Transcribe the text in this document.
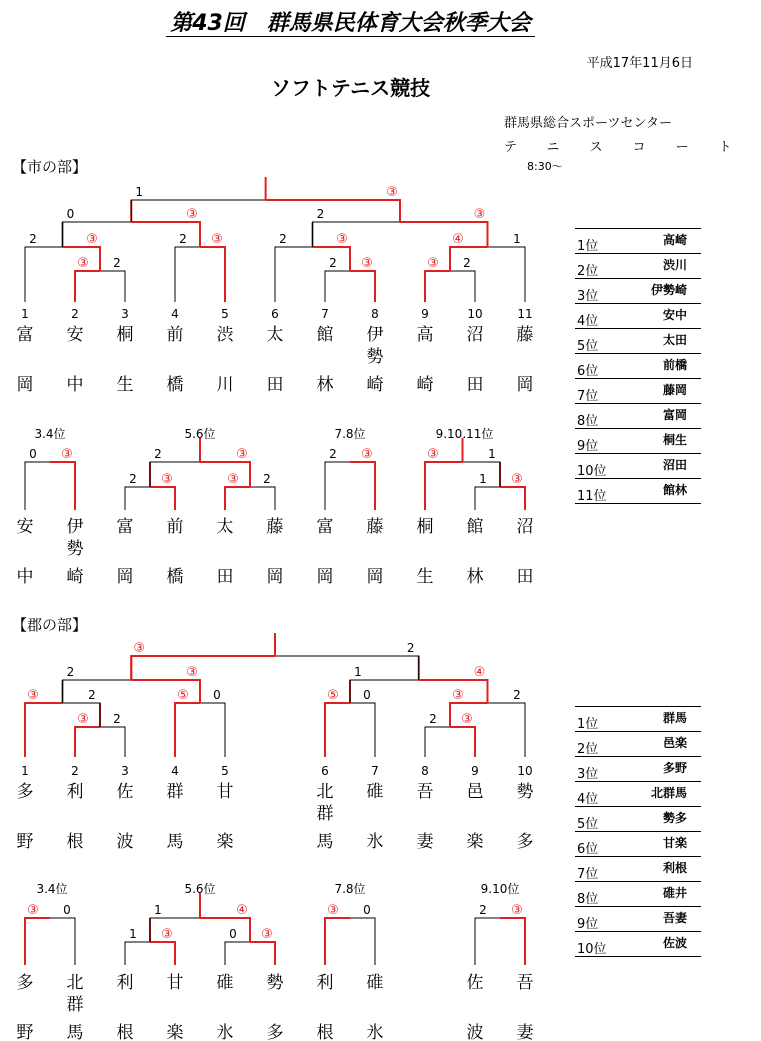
第43回　群馬県民体育大会秋季大会
平成17年11月6日
ソフトテニス競技
群馬県総合スポーツセンター
テニスコート
8:30～
【市の部】
【郡の部】
1
富
岡
2
安
中
3
桐
生
4
前
橋
5
渋
川
6
太
田
7
館
林
8
伊
勢
崎
9
高
崎
10
沼
田
11
藤
岡
③ 2	2 ③	③ 2
2	③	2 ③	2	③	④	1
0	③	2	③
1	③
安
中
伊
勢
崎
富
岡
前
橋
太
田
藤
岡
富
岡
藤
岡
桐
生
館
林
沼
田
0 ③
3.4位
2 ③	③ 2
2	③
5.6位
2 ③
7.8位
1 ③
③	1
9.10.11位
1
多
野
2
利
根
3
佐
波
4
群
馬
5
甘
楽
6
北
群
馬
7
碓
氷
8
吾
妻
9
邑
楽
10
勢
多
③ 2	2 ③
③	2	⑤ 0	⑤ 0	③	2
2	③	1	④
③	2
多
野
北
群
馬
利
根
甘
楽
碓
氷
勢
多
利
根
碓
氷
佐
波
吾
妻
③ 0
3.4位
1 ③	0 ③
1	④
5.6位
③ 0
7.8位
2 ③
9.10位
1位	高崎
2位	渋川
3位	伊勢崎
4位	安中
5位	太田
6位	前橋
7位	藤岡
8位	富岡
9位	桐生
10位	沼田
11位	館林
1位	群馬
2位	邑楽
3位	多野
4位	北群馬
5位	勢多
6位	甘楽
7位	利根
8位	碓井
9位	吾妻
10位	佐波
